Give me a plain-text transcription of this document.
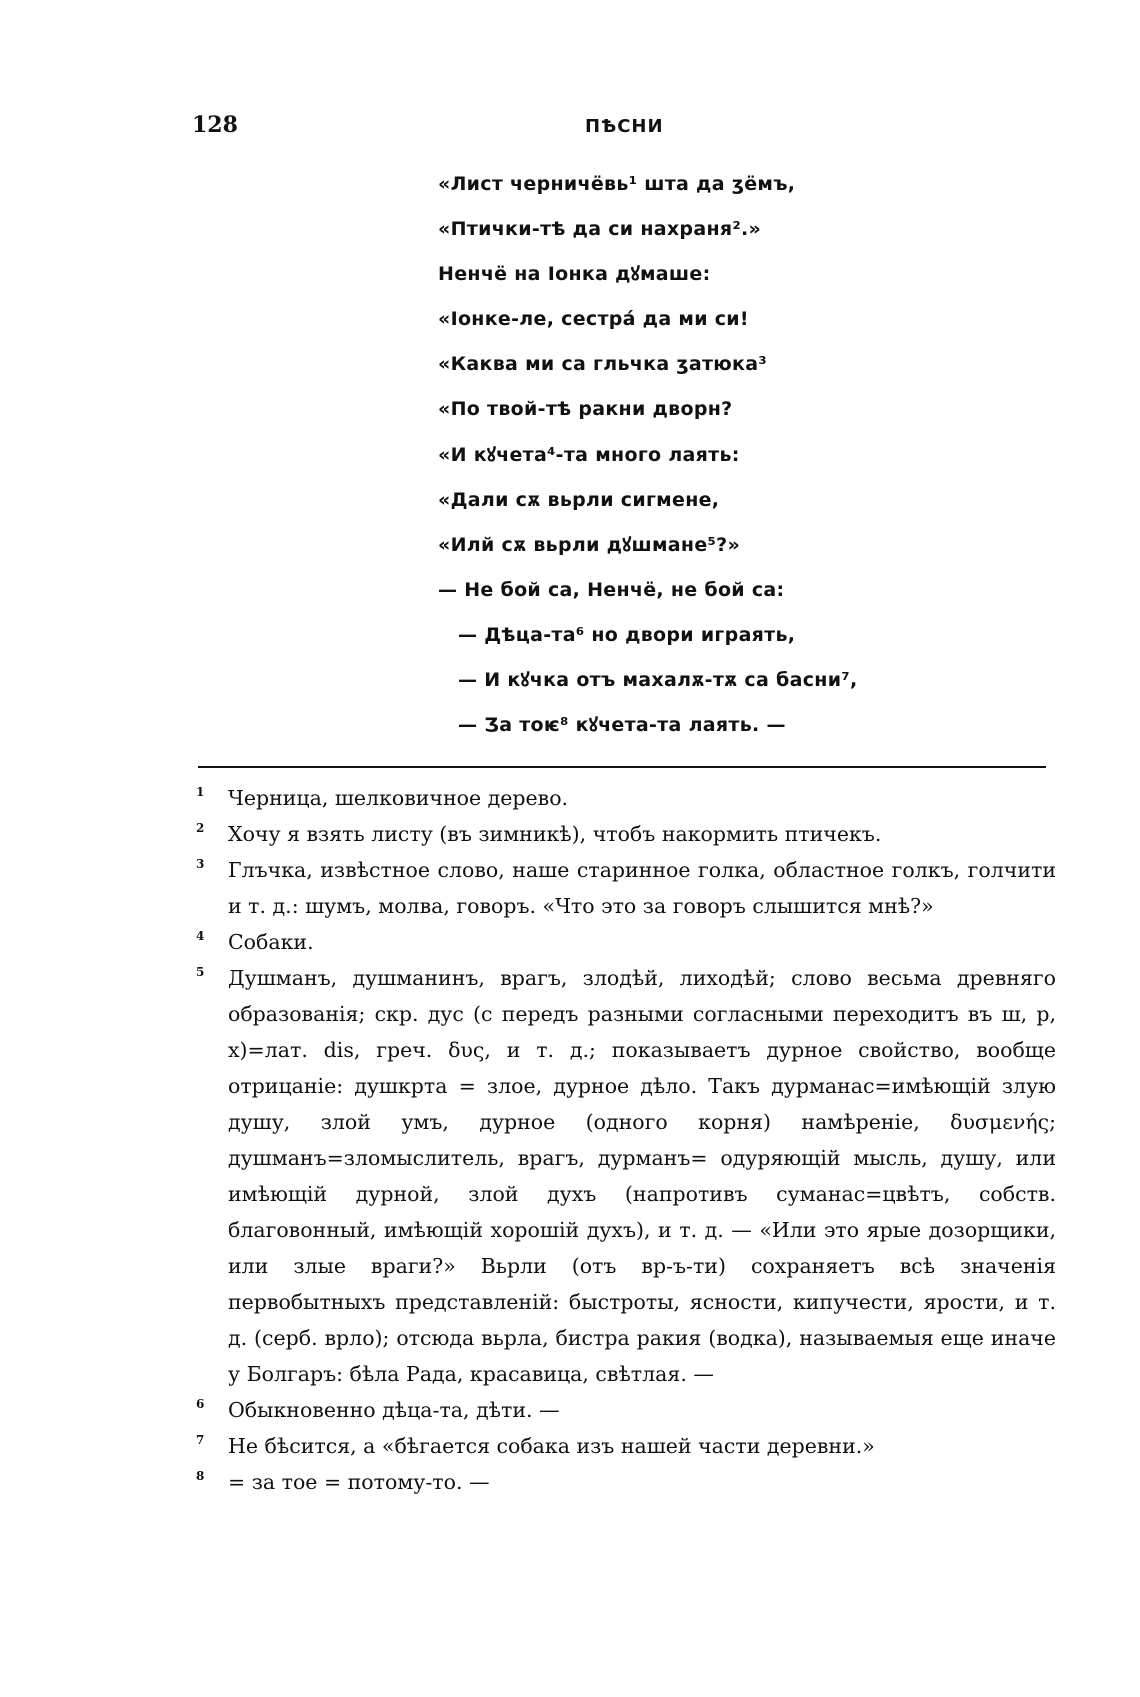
128	ПѢСНИ
«Лист черничёвь¹ шта да ӡёмъ,
«Птички-тѣ да си нахраня².»
Ненчё на Іонка дꙋмаше:
«Іонке-ле, сестрá да ми си!
«Каква ми са гльчка ӡатюка³
«По твой-тѣ ракни дворн?
«И кꙋчета⁴-та много лаять:
«Дали сѫ вьрли сигмене,
«Илй сѫ вьрли дꙋшмане⁵?»
— Не бой са, Ненчё, не бой са:
— Дѣца-та⁶ но двори играять,
— И кꙋчка отъ махалѫ-тѫ са басни⁷,
— Ӡа тоѥ⁸ кꙋчета-та лаять. —
1	Черница, шелковичное дерево.
2	Хочу я взять листу (въ зимникѣ), чтобъ накормить птичекъ.
3	Глъчка, извѣстное слово, наше старинное голка, областное голкъ, голчити и т. д.: шумъ, молва, говоръ. «Что это за говоръ слышится мнѣ?»
4	Собаки.
5	Душманъ, душманинъ, врагъ, злодѣй, лиходѣй; слово весьма древняго образованія; скр. дус (с передъ разными согласными переходитъ въ ш, р, х)=лат. dis, греч. δυς, и т. д.; показываетъ дурное свойство, вообще отрицаніе: душкрта = злое, дурное дѣло. Такъ дурманас=имѣющій злую душу, злой умъ, дурное (одного корня) намѣреніе, δυσμενής; душманъ=зломыслитель, врагъ, дурманъ= одуряющій мысль, душу, или имѣющій дурной, злой духъ (напротивъ суманас=цвѣтъ, собств. благовонный, имѣющій хорошій духъ), и т. д. — «Или это ярые дозорщики, или злые враги?» Вьрли (отъ вр-ъ-ти) сохраняетъ всѣ значенія первобытныхъ представленій: быстроты, ясности, кипучести, ярости, и т. д. (серб. врло); отсюда вьрла, бистра ракия (водка), называемыя еще иначе у Болгаръ: бѣла Рада, красавица, свѣтлая. —
6	Обыкновенно дѣца-та, дѣти. —
7	Не бѣсится, а «бѣгается собака изъ нашей части деревни.»
8	= за тое = потому-то. —
